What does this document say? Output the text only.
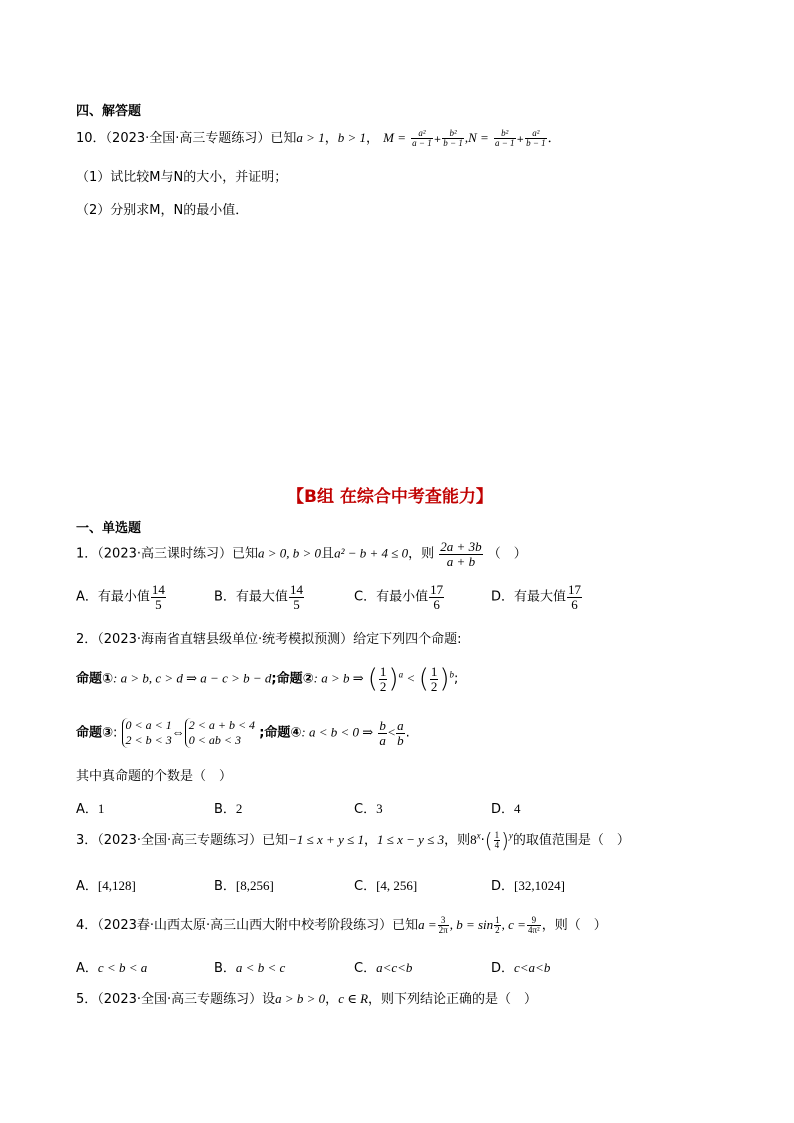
四、解答题
10．（2023·全国·高三专题练习）已知a > 1，b > 1， $M = \frac{\text{a²}}{a - 1} + \frac{\text{b²}}{b - 1} ,N = \frac{\text{b²}}{a - 1} + \frac{\text{a²}}{b - 1}$ ．
（1）试比较M与N的大小，并证明；
（2）分别求M，N的最小值．
【B组 在综合中考查能力】
一、单选题
1．（2023·高三课时练习）已知a > 0, b > 0且a² − b + 4 ≤ 0，则 $\frac{2a + 3b}{a + b}$ （　）
A．有最小值 $\frac{14}{5}$	B．有最大值 $\frac{14}{5}$	C．有最小值 $\frac{17}{6}$	D．有最大值 $\frac{17}{6}$
2．（2023·海南省直辖县级单位·统考模拟预测）给定下列四个命题:
命题①: a > b, c > d ⇒ a − c > b − d;命题②: a > b ⇒ ( $\frac{1}{2} )^a$ < ( $\frac{1}{2} )^b$;
命题③:
0 < a < 1
2 < b < 3
⇔ 2 < a + b < 4
0 < ab < 3	;命题④: a < b < 0 ⇒ $\frac{b}{a} < \frac{a}{b}$ .
其中真命题的个数是（　）
A．1	B．2	C．3	D．4
3．（2023·全国·高三专题练习）已知−1 ≤ x + y ≤ 1，1 ≤ x − y ≤ 3，则$8^x\cdot( \frac{1}{4} )^y$的取值范围是（　）
A．[4,128]	B．[8,256]	C．[4, 256]	D．[32,1024]
4．（2023春·山西太原·高三山西大附中校考阶段练习）已知$a = \frac{3}{2\pi}$ , $b = \sin \frac{1}{2}$ , $c = \frac{9}{\text{4π²}}$ ，则（　）
A．c < b < a	B．a < b < c	C．a<c<b	D．c<a<b
5．（2023·全国·高三专题练习）设a > b > 0，c ∈ R，则下列结论正确的是（　）
